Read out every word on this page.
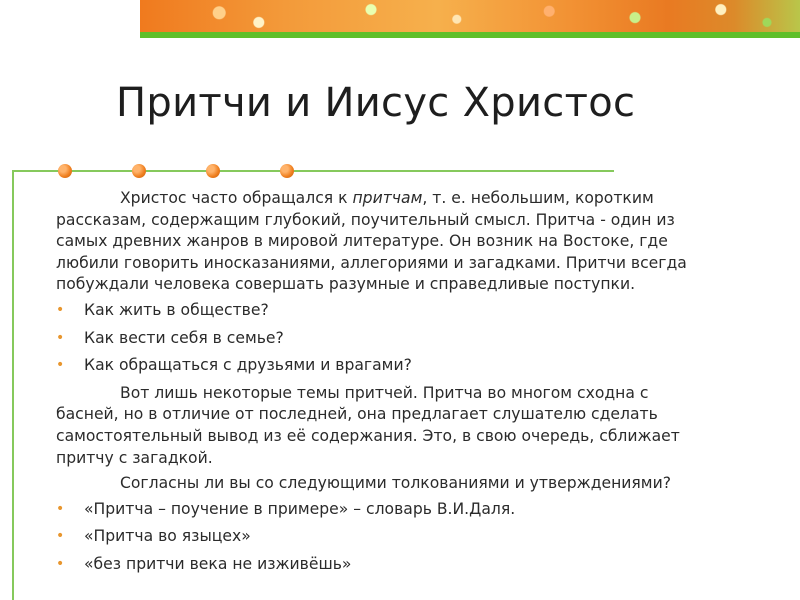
Притчи и Иисус Христос

Христос часто обращался к притчам, т. е. небольшим, коротким рассказам, содержащим глубокий, поучительный смысл. Притча - один из самых древних жанров в мировой литературе. Он возник на Востоке, где любили говорить иносказаниями, аллегориями и загадками. Притчи всегда побуждали человека совершать разумные и справедливые поступки.

• Как жить в обществе?
• Как вести себя в семье?
• Как обращаться с друзьями и врагами?

Вот лишь некоторые темы притчей. Притча во многом сходна с басней, но в отличие от последней, она предлагает слушателю сделать самостоятельный вывод из её содержания. Это, в свою очередь, сближает притчу с загадкой.

Согласны ли вы со следующими толкованиями и утверждениями?

• «Притча – поучение в примере» – словарь В.И.Даля.
• «Притча во языцех»
• «без притчи века не изживёшь»
